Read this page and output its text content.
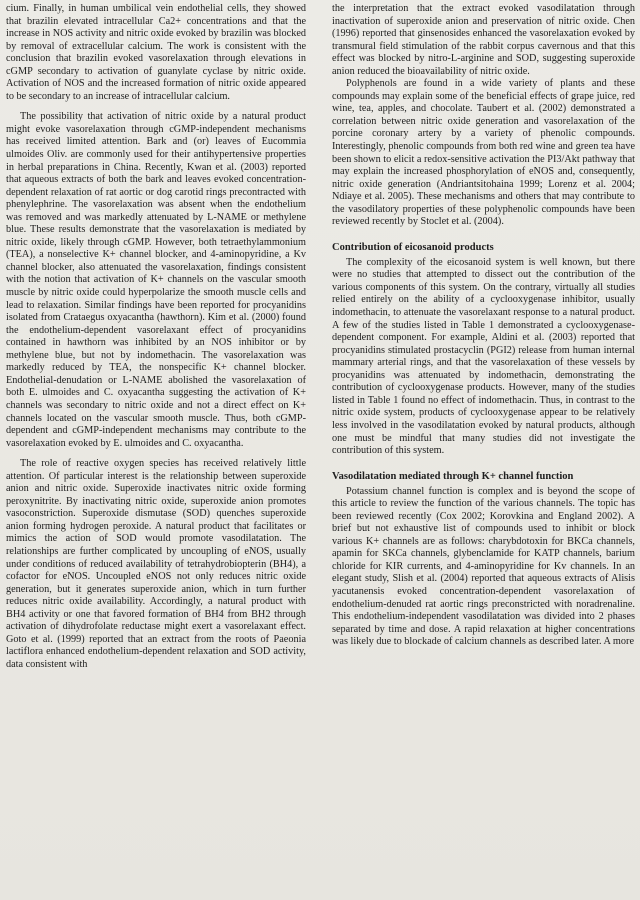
cium. Finally, in human umbilical vein endothelial cells, they showed that brazilin elevated intracellular Ca2+ concentrations and that the increase in NOS activity and nitric oxide evoked by brazilin was blocked by removal of extracellular calcium. The work is consistent with the conclusion that brazilin evoked vasorelaxation through elevations in cGMP secondary to activation of guanylate cyclase by nitric oxide. Activation of NOS and the increased formation of nitric oxide appeared to be secondary to an increase of intracellular calcium.

The possibility that activation of nitric oxide by a natural product might evoke vasorelaxation through cGMP-independent mechanisms has received limited attention. Bark and (or) leaves of Eucommia ulmoides Oliv. are commonly used for their antihypertensive properties in herbal preparations in China. Recently, Kwan et al. (2003) reported that aqueous extracts of both the bark and leaves evoked concentration-dependent relaxation of rat aortic or dog carotid rings precontracted with phenylephrine. The vasorelaxation was absent when the endothelium was removed and was markedly attenuated by L-NAME or methylene blue. These results demonstrate that the vasorelaxation is mediated by nitric oxide, likely through cGMP. However, both tetraethylammonium (TEA), a nonselective K+ channel blocker, and 4-aminopyridine, a Kv channel blocker, also attenuated the vasorelaxation, findings consistent with the notion that activation of K+ channels on the vascular smooth muscle by nitric oxide could hyperpolarize the smooth muscle cells and lead to relaxation. Similar findings have been reported for procyanidins isolated from Crataegus oxyacantha (hawthorn). Kim et al. (2000) found the endothelium-dependent vasorelaxant effect of procyanidins contained in hawthorn was inhibited by an NOS inhibitor or by methylene blue, but not by indomethacin. The vasorelaxation was markedly reduced by TEA, the nonspecific K+ channel blocker. Endothelial-denudation or L-NAME abolished the vasorelaxation of both E. ulmoides and C. oxyacantha suggesting the activation of K+ channels was secondary to nitric oxide and not a direct effect on K+ channels located on the vascular smooth muscle. Thus, both cGMP-dependent and cGMP-independent mechanisms may contribute to the vasorelaxation evoked by E. ulmoides and C. oxyacantha.

The role of reactive oxygen species has received relatively little attention. Of particular interest is the relationship between superoxide anion and nitric oxide. Superoxide inactivates nitric oxide forming peroxynitrite. By inactivating nitric oxide, superoxide anion promotes vasoconstriction. Superoxide dismutase (SOD) quenches superoxide anion forming hydrogen peroxide. A natural product that facilitates or mimics the action of SOD would promote vasodilatation. The relationships are further complicated by uncoupling of eNOS, usually under conditions of reduced availability of tetrahydrobiopterin (BH4), a cofactor for eNOS. Uncoupled eNOS not only reduces nitric oxide generation, but it generates superoxide anion, which in turn further reduces nitric oxide availability. Accordingly, a natural product with BH4 activity or one that favored formation of BH4 from BH2 through activation of dihydrofolate reductase might exert a vasorelaxant effect. Goto et al. (1999) reported that an extract from the roots of Paeonia lactiflora enhanced endothelium-dependent relaxation and SOD activity, data consistent with

the interpretation that the extract evoked vasodilatation through inactivation of superoxide anion and preservation of nitric oxide. Chen (1996) reported that ginsenosides enhanced the vasorelaxation evoked by transmural field stimulation of the rabbit corpus cavernous and that this effect was blocked by nitro-L-arginine and SOD, suggesting superoxide anion reduced the bioavailability of nitric oxide.

Polyphenols are found in a wide variety of plants and these compounds may explain some of the beneficial effects of grape juice, red wine, tea, apples, and chocolate. Taubert et al. (2002) demonstrated a correlation between nitric oxide generation and vasorelaxation of the porcine coronary artery by a variety of phenolic compounds. Interestingly, phenolic compounds from both red wine and green tea have been shown to elicit a redox-sensitive activation the PI3/Akt pathway that may explain the increased phosphorylation of eNOS and, consequently, nitric oxide generation (Andriantsitohaina 1999; Lorenz et al. 2004; Ndiaye et al. 2005). These mechanisms and others that may contribute to the vasodilatory properties of these polyphenolic compounds have been reviewed recently by Stoclet et al. (2004).

Contribution of eicosanoid products

The complexity of the eicosanoid system is well known, but there were no studies that attempted to dissect out the contribution of the various components of this system. On the contrary, virtually all studies relied entirely on the ability of a cyclooxygenase inhibitor, usually indomethacin, to attenuate the vasorelaxant response to a natural product. A few of the studies listed in Table 1 demonstrated a cyclooxygenase-dependent component. For example, Aldini et al. (2003) reported that procyanidins stimulated prostacyclin (PGI2) release from human internal mammary arterial rings, and that the vasorelaxation of these vessels by procyanidins was attenuated by indomethacin, demonstrating the contribution of cyclooxygenase products. However, many of the studies listed in Table 1 found no effect of indomethacin. Thus, in contrast to the nitric oxide system, products of cyclooxygenase appear to be relatively less involved in the vasodilatation evoked by natural products, although one must be mindful that many studies did not investigate the contribution of this system.

Vasodilatation mediated through K+ channel function

Potassium channel function is complex and is beyond the scope of this article to review the function of the various channels. The topic has been reviewed recently (Cox 2002; Korovkina and England 2002). A brief but not exhaustive list of compounds used to inhibit or block various K+ channels are as follows: charybdotoxin for BKCa channels, apamin for SKCa channels, glybenclamide for KATP channels, barium chloride for KIR currents, and 4-aminopyridine for Kv channels. In an elegant study, Slish et al. (2004) reported that aqueous extracts of Alisis yacutanensis evoked concentration-dependent vasorelaxation of endothelium-denuded rat aortic rings preconstricted with noradrenaline. This endothelium-independent vasodilatation was divided into 2 phases separated by time and dose. A rapid relaxation at higher concentrations was likely due to blockade of calcium channels as described later. A more
